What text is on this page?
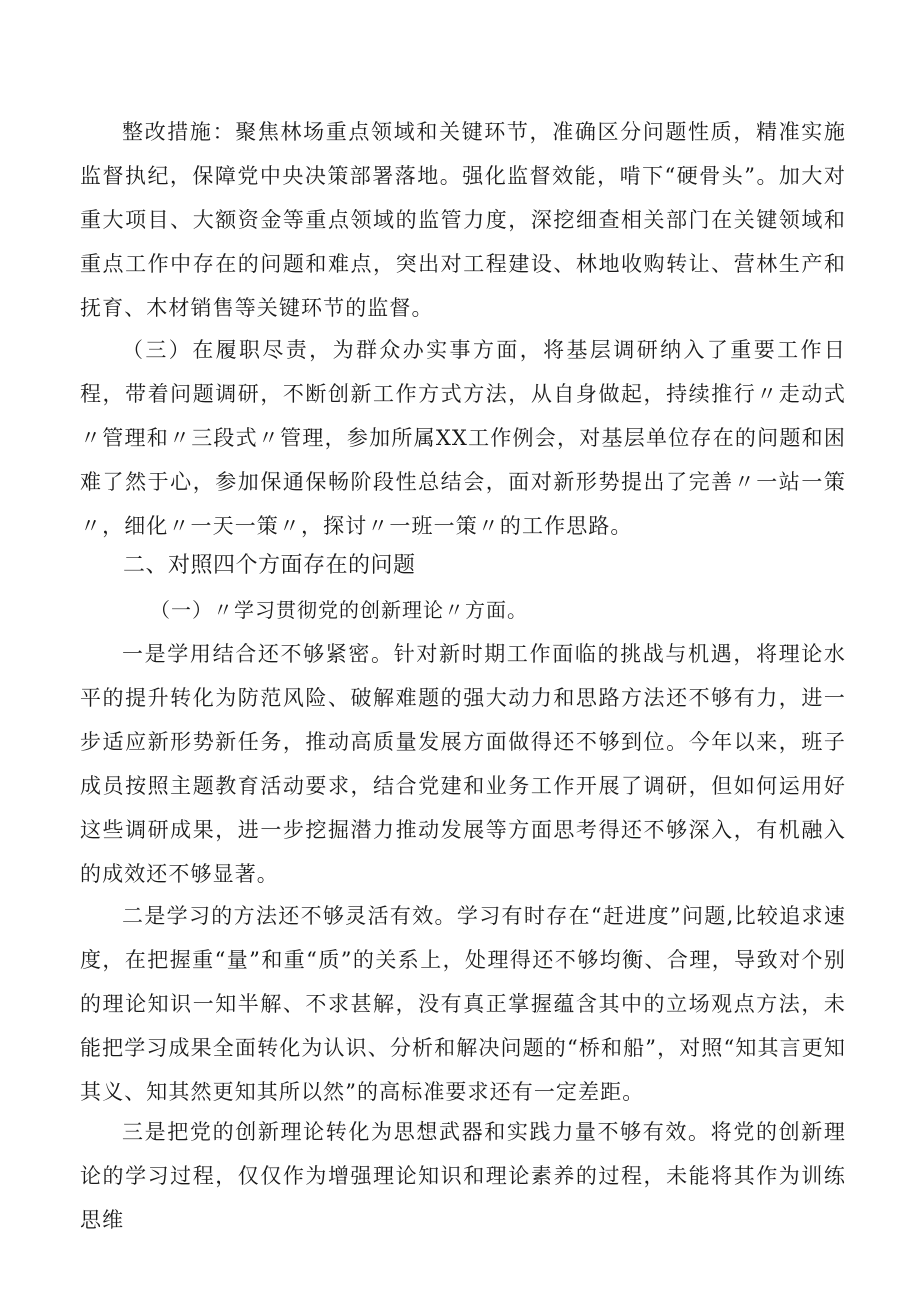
整改措施：聚焦林场重点领域和关键环节，准确区分问题性质，精准实施监督执纪，保障党中央决策部署落地。强化监督效能，啃下“硬骨头”。加大对重大项目、大额资金等重点领域的监管力度，深挖细查相关部门在关键领域和重点工作中存在的问题和难点，突出对工程建设、林地收购转让、营林生产和抚育、木材销售等关键环节的监督。

（三）在履职尽责，为群众办实事方面，将基层调研纳入了重要工作日程，带着问题调研，不断创新工作方式方法，从自身做起，持续推行〃走动式〃管理和〃三段式〃管理，参加所属XX工作例会，对基层单位存在的问题和困难了然于心，参加保通保畅阶段性总结会，面对新形势提出了完善〃一站一策〃，细化〃一天一策〃，探讨〃一班一策〃的工作思路。

二、对照四个方面存在的问题

（一）〃学习贯彻党的创新理论〃方面。

一是学用结合还不够紧密。针对新时期工作面临的挑战与机遇，将理论水平的提升转化为防范风险、破解难题的强大动力和思路方法还不够有力，进一步适应新形势新任务，推动高质量发展方面做得还不够到位。今年以来，班子成员按照主题教育活动要求，结合党建和业务工作开展了调研，但如何运用好这些调研成果，进一步挖掘潜力推动发展等方面思考得还不够深入，有机融入的成效还不够显著。

二是学习的方法还不够灵活有效。学习有时存在“赶进度”问题,比较追求速度，在把握重“量”和重“质”的关系上，处理得还不够均衡、合理，导致对个别的理论知识一知半解、不求甚解，没有真正掌握蕴含其中的立场观点方法，未能把学习成果全面转化为认识、分析和解决问题的“桥和船”，对照“知其言更知其义、知其然更知其所以然”的高标准要求还有一定差距。

三是把党的创新理论转化为思想武器和实践力量不够有效。将党的创新理论的学习过程，仅仅作为增强理论知识和理论素养的过程，未能将其作为训练思维
